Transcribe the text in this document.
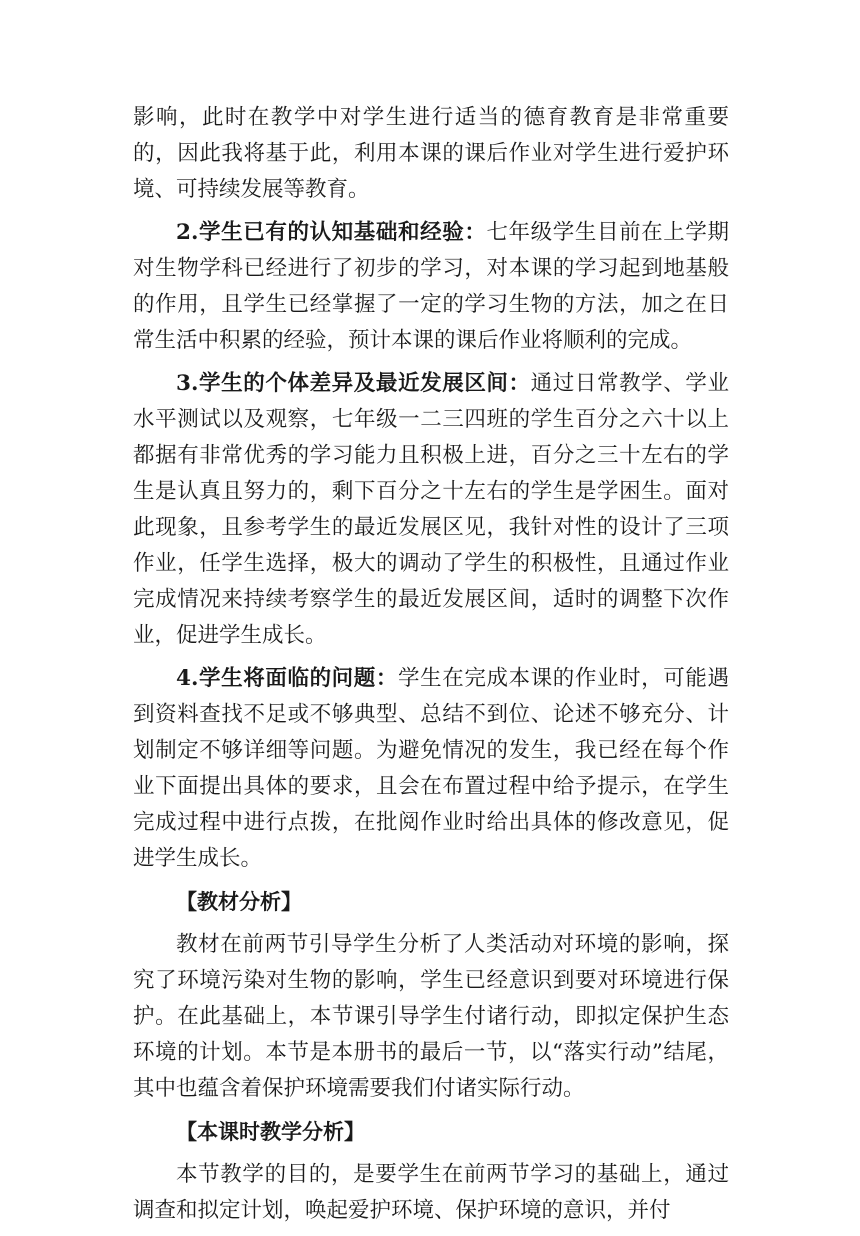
影响，此时在教学中对学生进行适当的德育教育是非常重要的，因此我将基于此，利用本课的课后作业对学生进行爱护环境、可持续发展等教育。

2.学生已有的认知基础和经验：七年级学生目前在上学期对生物学科已经进行了初步的学习，对本课的学习起到地基般的作用，且学生已经掌握了一定的学习生物的方法，加之在日常生活中积累的经验，预计本课的课后作业将顺利的完成。

3.学生的个体差异及最近发展区间：通过日常教学、学业水平测试以及观察，七年级一二三四班的学生百分之六十以上都据有非常优秀的学习能力且积极上进，百分之三十左右的学生是认真且努力的，剩下百分之十左右的学生是学困生。面对此现象，且参考学生的最近发展区见，我针对性的设计了三项作业，任学生选择，极大的调动了学生的积极性，且通过作业完成情况来持续考察学生的最近发展区间，适时的调整下次作业，促进学生成长。

4.学生将面临的问题：学生在完成本课的作业时，可能遇到资料查找不足或不够典型、总结不到位、论述不够充分、计划制定不够详细等问题。为避免情况的发生，我已经在每个作业下面提出具体的要求，且会在布置过程中给予提示，在学生完成过程中进行点拨，在批阅作业时给出具体的修改意见，促进学生成长。

【教材分析】

教材在前两节引导学生分析了人类活动对环境的影响，探究了环境污染对生物的影响，学生已经意识到要对环境进行保护。在此基础上，本节课引导学生付诸行动，即拟定保护生态环境的计划。本节是本册书的最后一节，以“落实行动”结尾，其中也蕴含着保护环境需要我们付诸实际行动。

【本课时教学分析】

本节教学的目的，是要学生在前两节学习的基础上，通过调查和拟定计划，唤起爱护环境、保护环境的意识，并付
